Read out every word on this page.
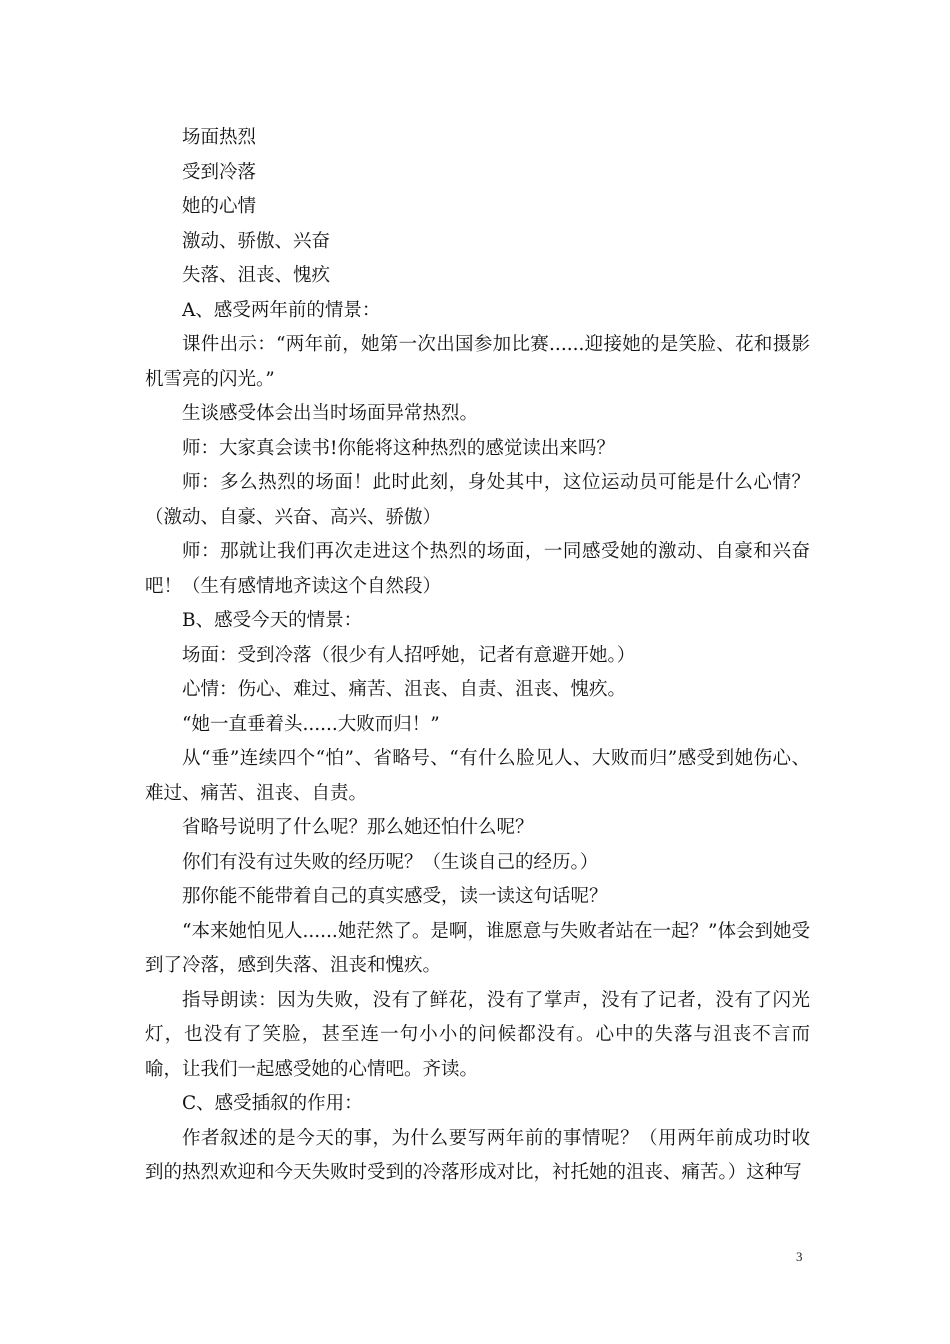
场面热烈

受到冷落

她的心情

激动、骄傲、兴奋

失落、沮丧、愧疚

A、感受两年前的情景：

课件出示：“两年前，她第一次出国参加比赛......迎接她的是笑脸、花和摄影机雪亮的闪光。”

生谈感受体会出当时场面异常热烈。

师：大家真会读书!你能将这种热烈的感觉读出来吗？

师：多么热烈的场面！此时此刻，身处其中，这位运动员可能是什么心情？（激动、自豪、兴奋、高兴、骄傲）

师：那就让我们再次走进这个热烈的场面，一同感受她的激动、自豪和兴奋吧！（生有感情地齐读这个自然段）

B、感受今天的情景：

场面：受到冷落（很少有人招呼她，记者有意避开她。）

心情：伤心、难过、痛苦、沮丧、自责、沮丧、愧疚。

“她一直垂着头......大败而归！”

从“垂”连续四个“怕”、省略号、“有什么脸见人、大败而归”感受到她伤心、难过、痛苦、沮丧、自责。

省略号说明了什么呢？那么她还怕什么呢？

你们有没有过失败的经历呢？（生谈自己的经历。）

那你能不能带着自己的真实感受，读一读这句话呢？

“本来她怕见人......她茫然了。是啊，谁愿意与失败者站在一起？”体会到她受到了冷落，感到失落、沮丧和愧疚。

指导朗读：因为失败，没有了鲜花，没有了掌声，没有了记者，没有了闪光灯，也没有了笑脸，甚至连一句小小的问候都没有。心中的失落与沮丧不言而喻，让我们一起感受她的心情吧。齐读。

C、感受插叙的作用：

作者叙述的是今天的事，为什么要写两年前的事情呢？（用两年前成功时收到的热烈欢迎和今天失败时受到的冷落形成对比，衬托她的沮丧、痛苦。）这种写

3
